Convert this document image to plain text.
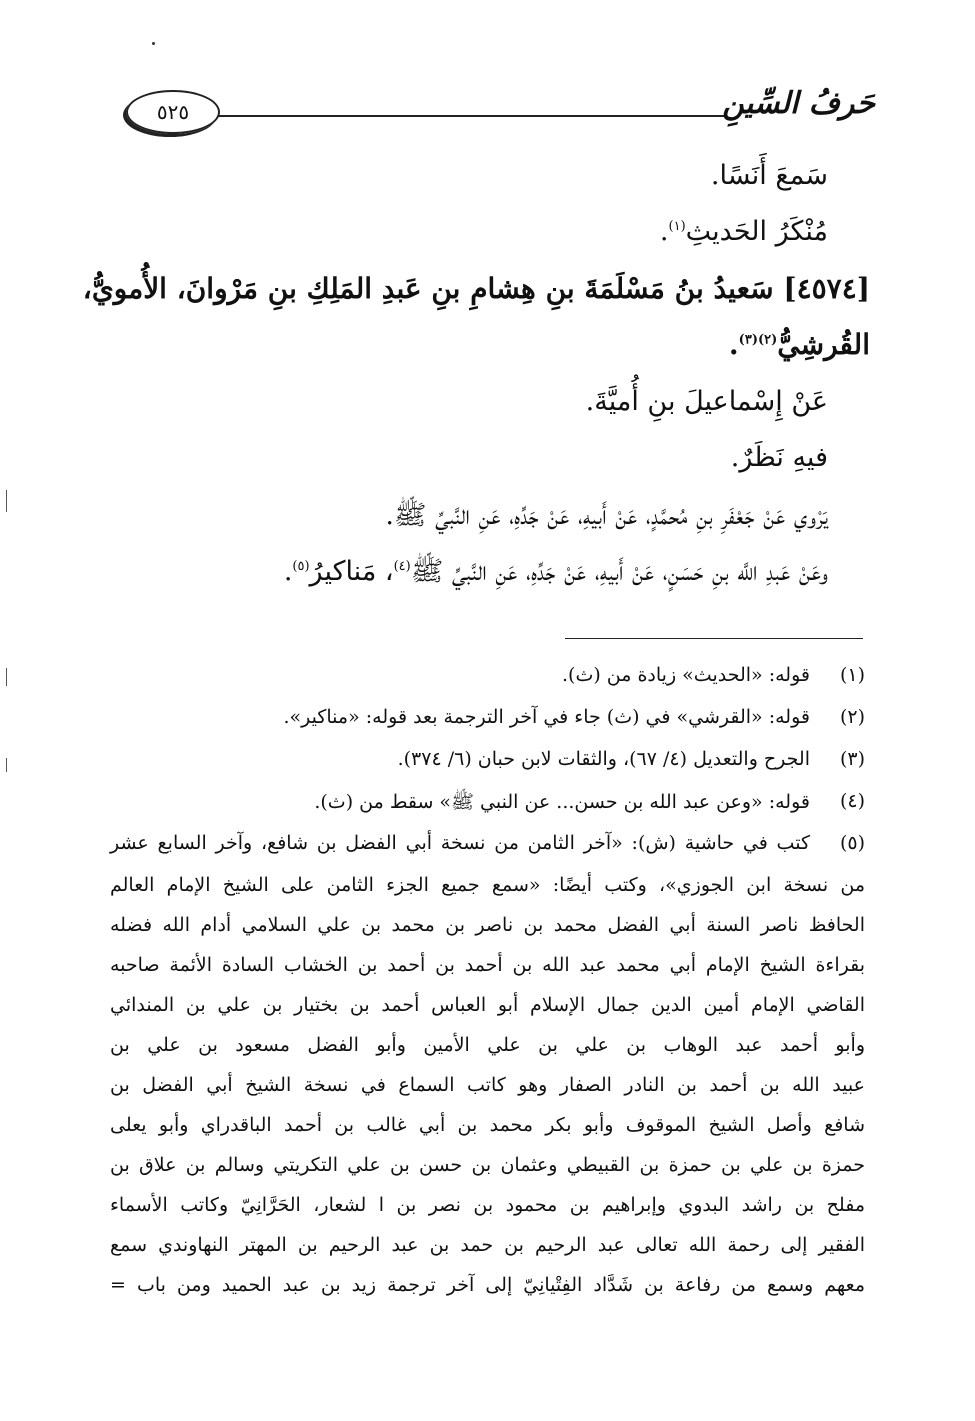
٥٢٥	حَرفُ السِّينِ
سَمعَ أَنَسًا.
مُنْكَرُ الحَديثِ$^{(١)}$.
[٤٥٧٤] سَعيدُ بنُ مَسْلَمَةَ بنِ هِشامِ بنِ عَبدِ المَلِكِ بنِ مَرْوانَ، الأُمويُّ،
القُرشِيُّ$^{(٢)(٣)}$.
عَنْ إِسْماعيلَ بنِ أُميَّةَ.
فيهِ نَظَرٌ.
يَرْوي عَنْ جَعْفَرِ بنِ مُحمَّدٍ، عَنْ أَبيهِ، عَنْ جَدِّهِ، عَنِ النَّبيِّ ﷺ.
وعَنْ عَبدِ اللَّه بنِ حَسَنٍ، عَنْ أَبيهِ، عَنْ جَدِّهِ، عَنِ النَّبيِّ ﷺ$^{(٤)}$، مَناكيرُ$^{(٥)}$.
(١)
قوله: «الحديث» زيادة من (ث).
(٢)
قوله: «القرشي» في (ث) جاء في آخر الترجمة بعد قوله: «مناكير».
(٣)
الجرح والتعديل (٤/ ٦٧)، والثقات لابن حبان (٦/ ٣٧٤).
(٤)
قوله: «وعن عبد الله بن حسن... عن النبي ﷺ» سقط من (ث).
(٥)
كتب في حاشية (ش): «آخر الثامن من نسخة أبي الفضل بن شافع، وآخر السابع عشر
من نسخة ابن الجوزي»، وكتب أيضًا: «سمع جميع الجزء الثامن على الشيخ الإمام العالم
الحافظ ناصر السنة أبي الفضل محمد بن ناصر بن محمد بن علي السلامي أدام الله فضله
بقراءة الشيخ الإمام أبي محمد عبد الله بن أحمد بن أحمد بن الخشاب السادة الأئمة صاحبه
القاضي الإمام أمين الدين جمال الإسلام أبو العباس أحمد بن بختيار بن علي بن المندائي
وأبو أحمد عبد الوهاب بن علي بن علي الأمين وأبو الفضل مسعود بن علي بن
عبيد الله بن أحمد بن النادر الصفار وهو كاتب السماع في نسخة الشيخ أبي الفضل بن
شافع وأصل الشيخ الموقوف وأبو بكر محمد بن أبي غالب بن أحمد الباقدراي وأبو يعلى
حمزة بن علي بن حمزة بن القبيطي وعثمان بن حسن بن علي التكريتي وسالم بن علاق بن
مفلح بن راشد البدوي وإبراهيم بن محمود بن نصر بن ا لشعار، الحَرَّانِيّ وكاتب الأسماء
الفقير إلى رحمة الله تعالى عبد الرحيم بن حمد بن عبد الرحيم بن المهتر النهاوندي سمع
معهم وسمع من رفاعة بن شَدَّاد الفِتْيانِيّ إلى آخر ترجمة زيد بن عبد الحميد ومن باب =
